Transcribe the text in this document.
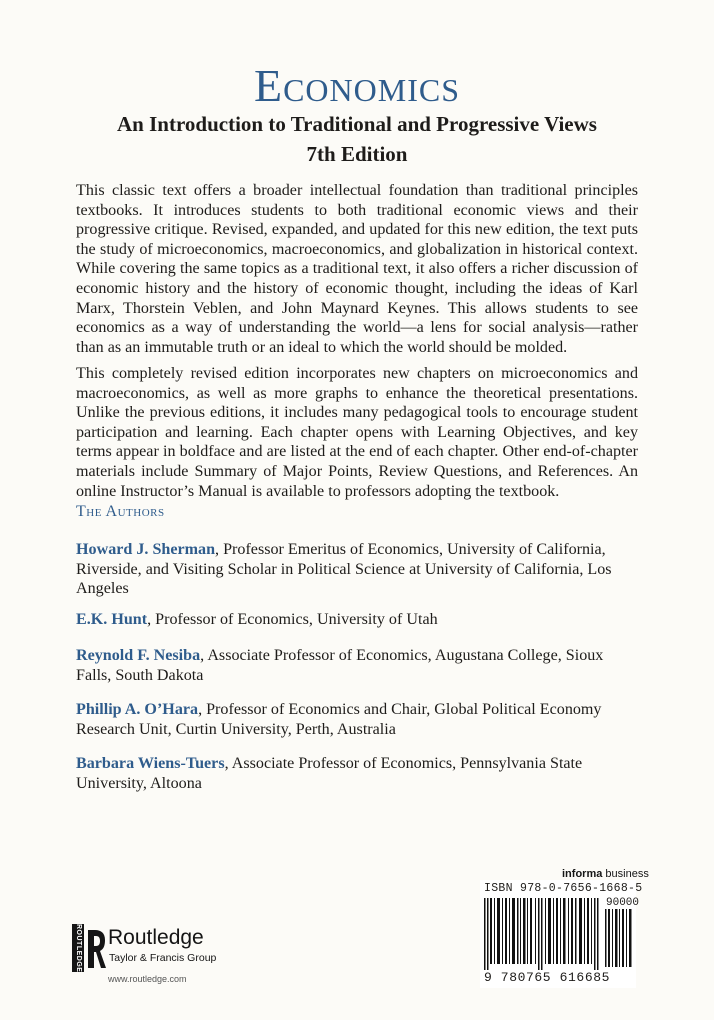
Economics
An Introduction to Traditional and Progressive Views
7th Edition

This classic text offers a broader intellectual foundation than traditional principles textbooks. It introduces students to both traditional economic views and their progressive critique. Revised, expanded, and updated for this new edition, the text puts the study of microeconomics, macroeconomics, and globalization in historical context. While covering the same topics as a traditional text, it also offers a richer discussion of economic history and the history of economic thought, including the ideas of Karl Marx, Thorstein Veblen, and John Maynard Keynes. This allows students to see economics as a way of understanding the world—a lens for social analysis—rather than as an immutable truth or an ideal to which the world should be molded.

This completely revised edition incorporates new chapters on microeconomics and macroeconomics, as well as more graphs to enhance the theoretical presentations. Unlike the previous editions, it includes many pedagogical tools to encourage student participation and learning. Each chapter opens with Learning Objectives, and key terms appear in boldface and are listed at the end of each chapter. Other end-of-chapter materials include Summary of Major Points, Review Questions, and References. An online Instructor’s Manual is available to professors adopting the textbook.

The Authors

Howard J. Sherman, Professor Emeritus of Economics, University of California, Riverside, and Visiting Scholar in Political Science at University of California, Los Angeles

E.K. Hunt, Professor of Economics, University of Utah

Reynold F. Nesiba, Associate Professor of Economics, Augustana College, Sioux Falls, South Dakota

Phillip A. O’Hara, Professor of Economics and Chair, Global Political Economy Research Unit, Curtin University, Perth, Australia

Barbara Wiens-Tuers, Associate Professor of Economics, Pennsylvania State University, Altoona

ROUTLEDGE Routledge
Taylor & Francis Group
www.routledge.com
informa business
ISBN 978-0-7656-1668-5
90000
9 780765 616685
